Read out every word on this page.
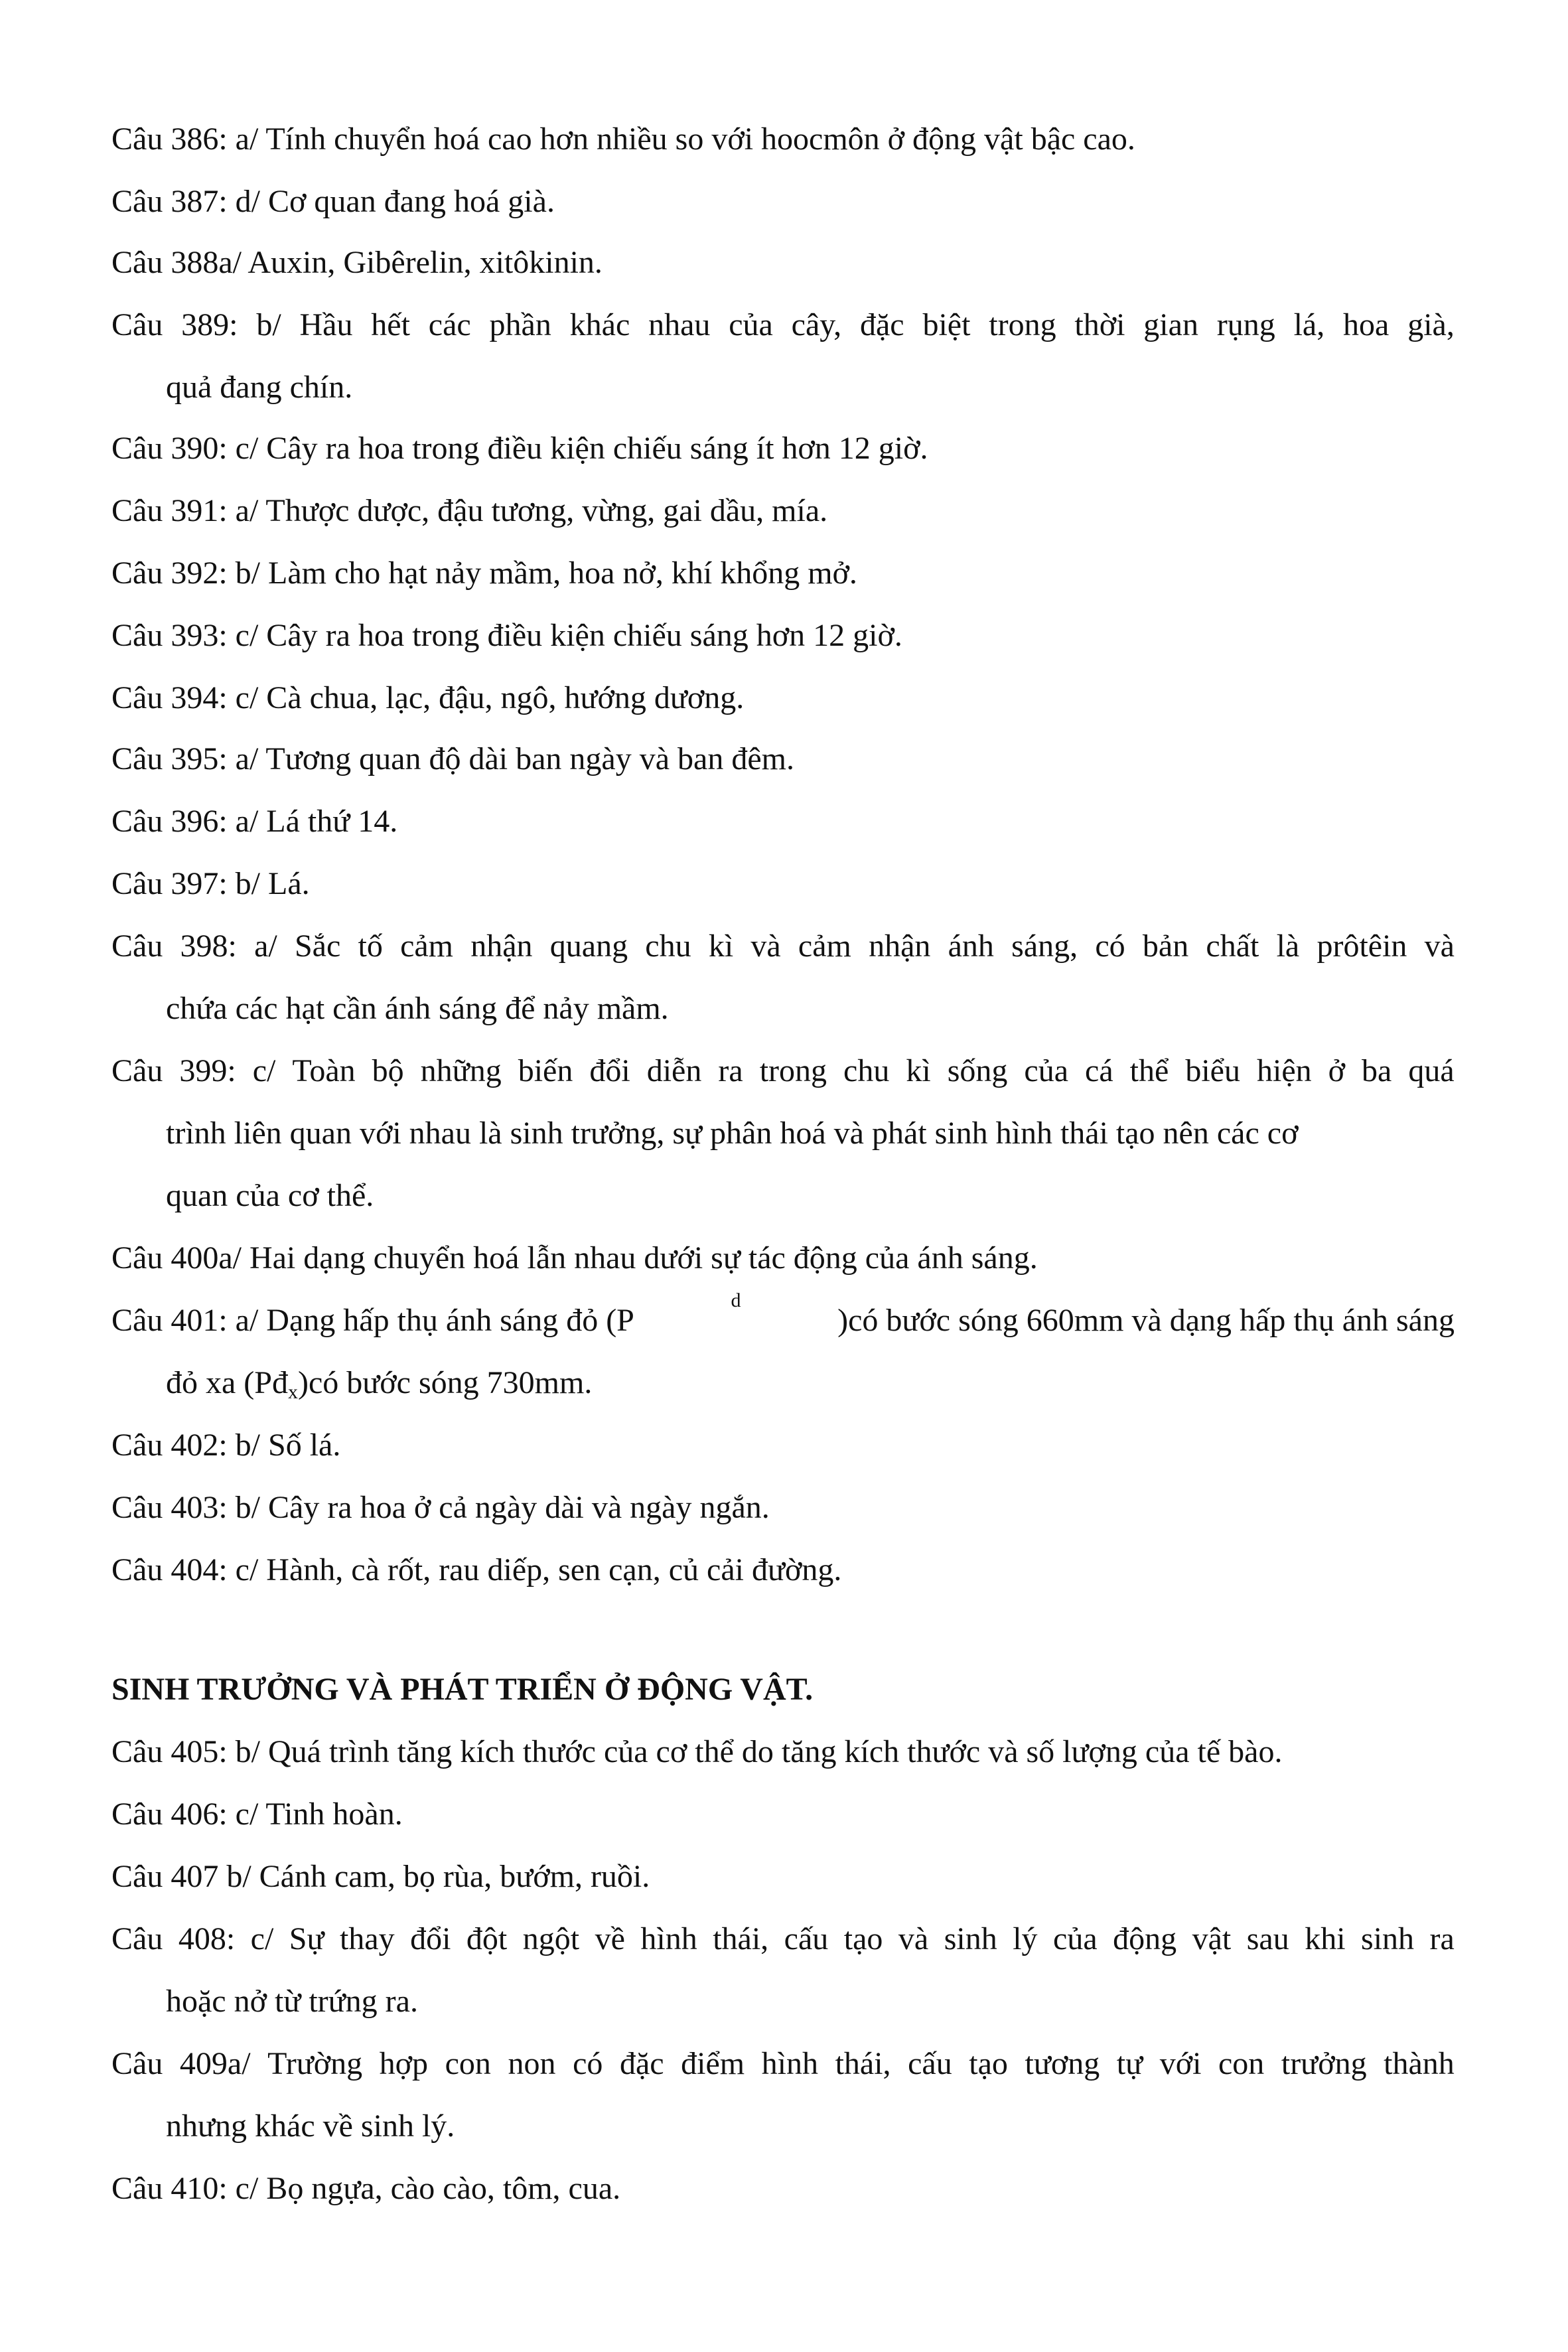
Câu 386: a/ Tính chuyển hoá cao hơn nhiều so với hoocmôn ở động vật bậc cao.
Câu 387: d/ Cơ quan đang hoá già.
Câu 388a/ Auxin, Gibêrelin, xitôkinin.
Câu 389: b/ Hầu hết các phần khác nhau của cây, đặc biệt trong thời gian rụng lá, hoa già,
quả đang chín.
Câu 390: c/ Cây ra hoa trong điều kiện chiếu sáng ít hơn 12 giờ.
Câu 391: a/ Thược dược, đậu tương, vừng, gai dầu, mía.
Câu 392: b/ Làm cho hạt nảy mầm, hoa nở, khí khổng mở.
Câu 393: c/ Cây ra hoa trong điều kiện chiếu sáng hơn 12 giờ.
Câu 394: c/ Cà chua, lạc, đậu, ngô, hướng dương.
Câu 395: a/ Tương quan độ dài ban ngày và ban đêm.
Câu 396: a/ Lá thứ 14.
Câu 397: b/ Lá.
Câu 398: a/ Sắc tố cảm nhận quang chu kì và cảm nhận ánh sáng, có bản chất là prôtêin và
chứa các hạt cần ánh sáng để nảy mầm.
Câu 399: c/ Toàn bộ những biến đổi diễn ra trong chu kì sống của cá thể biểu hiện ở ba quá
trình liên quan với nhau là sinh trưởng, sự phân hoá và phát sinh hình thái tạo nên các cơ
quan của cơ thể.
Câu 400a/ Hai dạng chuyển hoá lẫn nhau dưới sự tác động của ánh sáng.
Câu 401: a/ Dạng hấp thụ ánh sáng đỏ (P
d
)có bước sóng 660mm và dạng hấp thụ ánh sáng
đỏ xa $(Pđ_x)có$ bước sóng 730mm.
Câu 402: b/ Số lá.
Câu 403: b/ Cây ra hoa ở cả ngày dài và ngày ngắn.
Câu 404: c/ Hành, cà rốt, rau diếp, sen cạn, củ cải đường.
SINH TRƯỞNG VÀ PHÁT TRIỂN Ở ĐỘNG VẬT.
Câu 405: b/ Quá trình tăng kích thước của cơ thể do tăng kích thước và số lượng của tế bào.
Câu 406: c/ Tinh hoàn.
Câu 407 b/ Cánh cam, bọ rùa, bướm, ruồi.
Câu 408: c/ Sự thay đổi đột ngột về hình thái, cấu tạo và sinh lý của động vật sau khi sinh ra
hoặc nở từ trứng ra.
Câu 409a/ Trường hợp con non có đặc điểm hình thái, cấu tạo tương tự với con trưởng thành
nhưng khác về sinh lý.
Câu 410: c/ Bọ ngựa, cào cào, tôm, cua.
